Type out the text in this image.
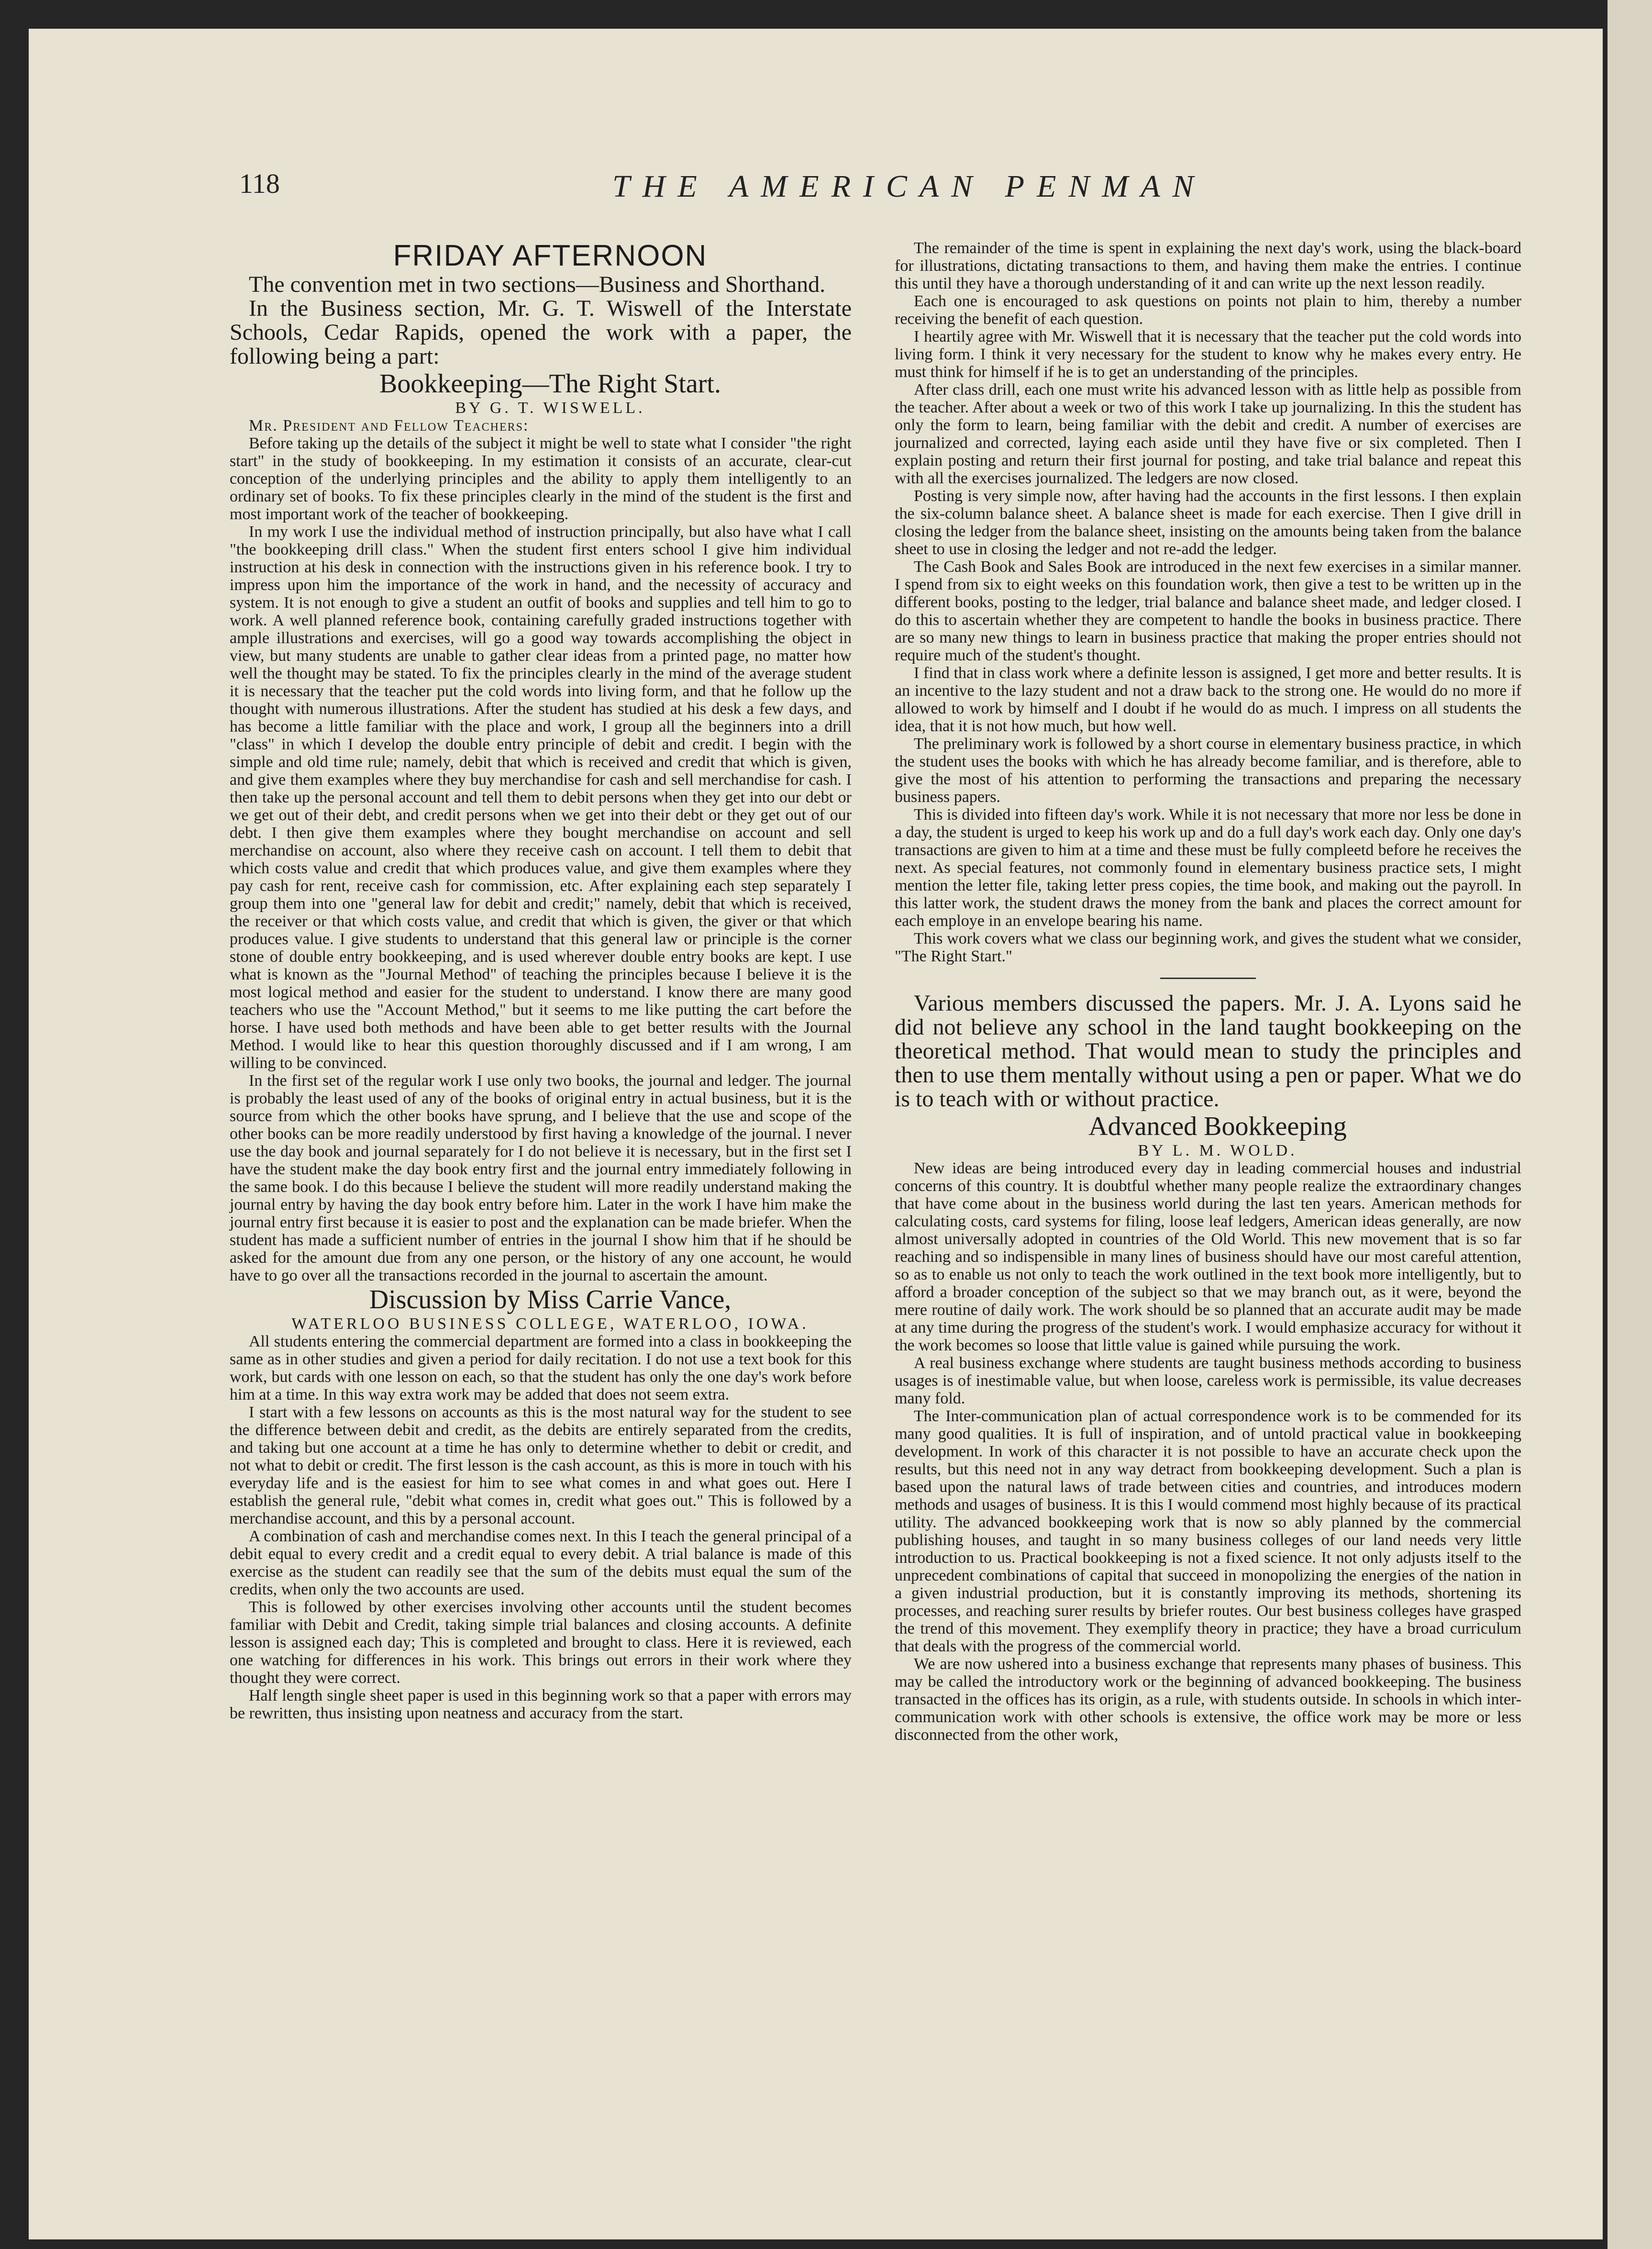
118	THE AMERICAN PENMAN

FRIDAY AFTERNOON

The convention met in two sections—Business and Shorthand.

In the Business section, Mr. G. T. Wiswell of the Interstate Schools, Cedar Rapids, opened the work with a paper, the following being a part:

Bookkeeping—The Right Start.

BY G. T. WISWELL.

Mr. President and Fellow Teachers:

Before taking up the details of the subject it might be well to state what I consider "the right start" in the study of bookkeeping. In my estimation it consists of an accurate, clear-cut conception of the underlying principles and the ability to apply them intelligently to an ordinary set of books. To fix these principles clearly in the mind of the student is the first and most important work of the teacher of bookkeeping.

In my work I use the individual method of instruction principally, but also have what I call "the bookkeeping drill class." When the student first enters school I give him individual instruction at his desk in connection with the instructions given in his reference book. I try to impress upon him the importance of the work in hand, and the necessity of accuracy and system. It is not enough to give a student an outfit of books and supplies and tell him to go to work. A well planned reference book, containing carefully graded instructions together with ample illustrations and exercises, will go a good way towards accomplishing the object in view, but many students are unable to gather clear ideas from a printed page, no matter how well the thought may be stated. To fix the principles clearly in the mind of the average student it is necessary that the teacher put the cold words into living form, and that he follow up the thought with numerous illustrations. After the student has studied at his desk a few days, and has become a little familiar with the place and work, I group all the beginners into a drill "class" in which I develop the double entry principle of debit and credit. I begin with the simple and old time rule; namely, debit that which is received and credit that which is given, and give them examples where they buy merchandise for cash and sell merchandise for cash. I then take up the personal account and tell them to debit persons when they get into our debt or we get out of their debt, and credit persons when we get into their debt or they get out of our debt. I then give them examples where they bought merchandise on account and sell merchandise on account, also where they receive cash on account. I tell them to debit that which costs value and credit that which produces value, and give them examples where they pay cash for rent, receive cash for commission, etc. After explaining each step separately I group them into one "general law for debit and credit;" namely, debit that which is received, the receiver or that which costs value, and credit that which is given, the giver or that which produces value. I give students to understand that this general law or principle is the corner stone of double entry bookkeeping, and is used wherever double entry books are kept. I use what is known as the "Journal Method" of teaching the principles because I believe it is the most logical method and easier for the student to understand. I know there are many good teachers who use the "Account Method," but it seems to me like putting the cart before the horse. I have used both methods and have been able to get better results with the Journal Method. I would like to hear this question thoroughly discussed and if I am wrong, I am willing to be convinced.

In the first set of the regular work I use only two books, the journal and ledger. The journal is probably the least used of any of the books of original entry in actual business, but it is the source from which the other books have sprung, and I believe that the use and scope of the other books can be more readily understood by first having a knowledge of the journal. I never use the day book and journal separately for I do not believe it is necessary, but in the first set I have the student make the day book entry first and the journal entry immediately following in the same book. I do this because I believe the student will more readily understand making the journal entry by having the day book entry before him. Later in the work I have him make the journal entry first because it is easier to post and the explanation can be made briefer. When the student has made a sufficient number of entries in the journal I show him that if he should be asked for the amount due from any one person, or the history of any one account, he would have to go over all the transactions recorded in the journal to ascertain the amount.

Discussion by Miss Carrie Vance,

WATERLOO BUSINESS COLLEGE, WATERLOO, IOWA.

All students entering the commercial department are formed into a class in bookkeeping the same as in other studies and given a period for daily recitation. I do not use a text book for this work, but cards with one lesson on each, so that the student has only the one day's work before him at a time. In this way extra work may be added that does not seem extra.

I start with a few lessons on accounts as this is the most natural way for the student to see the difference between debit and credit, as the debits are entirely separated from the credits, and taking but one account at a time he has only to determine whether to debit or credit, and not what to debit or credit. The first lesson is the cash account, as this is more in touch with his everyday life and is the easiest for him to see what comes in and what goes out. Here I establish the general rule, "debit what comes in, credit what goes out." This is followed by a merchandise account, and this by a personal account.

A combination of cash and merchandise comes next. In this I teach the general principal of a debit equal to every credit and a credit equal to every debit. A trial balance is made of this exercise as the student can readily see that the sum of the debits must equal the sum of the credits, when only the two accounts are used.

This is followed by other exercises involving other accounts until the student becomes familiar with Debit and Credit, taking simple trial balances and closing accounts. A definite lesson is assigned each day; This is completed and brought to class. Here it is reviewed, each one watching for differences in his work. This brings out errors in their work where they thought they were correct.

Half length single sheet paper is used in this beginning work so that a paper with errors may be rewritten, thus insisting upon neatness and accuracy from the start.

The remainder of the time is spent in explaining the next day's work, using the black-board for illustrations, dictating transactions to them, and having them make the entries. I continue this until they have a thorough understanding of it and can write up the next lesson readily.

Each one is encouraged to ask questions on points not plain to him, thereby a number receiving the benefit of each question.

I heartily agree with Mr. Wiswell that it is necessary that the teacher put the cold words into living form. I think it very necessary for the student to know why he makes every entry. He must think for himself if he is to get an understanding of the principles.

After class drill, each one must write his advanced lesson with as little help as possible from the teacher. After about a week or two of this work I take up journalizing. In this the student has only the form to learn, being familiar with the debit and credit. A number of exercises are journalized and corrected, laying each aside until they have five or six completed. Then I explain posting and return their first journal for posting, and take trial balance and repeat this with all the exercises journalized. The ledgers are now closed.

Posting is very simple now, after having had the accounts in the first lessons. I then explain the six-column balance sheet. A balance sheet is made for each exercise. Then I give drill in closing the ledger from the balance sheet, insisting on the amounts being taken from the balance sheet to use in closing the ledger and not re-add the ledger.

The Cash Book and Sales Book are introduced in the next few exercises in a similar manner. I spend from six to eight weeks on this foundation work, then give a test to be written up in the different books, posting to the ledger, trial balance and balance sheet made, and ledger closed. I do this to ascertain whether they are competent to handle the books in business practice. There are so many new things to learn in business practice that making the proper entries should not require much of the student's thought.

I find that in class work where a definite lesson is assigned, I get more and better results. It is an incentive to the lazy student and not a draw back to the strong one. He would do no more if allowed to work by himself and I doubt if he would do as much. I impress on all students the idea, that it is not how much, but how well.

The preliminary work is followed by a short course in elementary business practice, in which the student uses the books with which he has already become familiar, and is therefore, able to give the most of his attention to performing the transactions and preparing the necessary business papers.

This is divided into fifteen day's work. While it is not necessary that more nor less be done in a day, the student is urged to keep his work up and do a full day's work each day. Only one day's transactions are given to him at a time and these must be fully compleetd before he receives the next. As special features, not commonly found in elementary business practice sets, I might mention the letter file, taking letter press copies, the time book, and making out the payroll. In this latter work, the student draws the money from the bank and places the correct amount for each employe in an envelope bearing his name.

This work covers what we class our beginning work, and gives the student what we consider, "The Right Start."

Various members discussed the papers. Mr. J. A. Lyons said he did not believe any school in the land taught bookkeeping on the theoretical method. That would mean to study the principles and then to use them mentally without using a pen or paper. What we do is to teach with or without practice.

Advanced Bookkeeping

BY L. M. WOLD.

New ideas are being introduced every day in leading commercial houses and industrial concerns of this country. It is doubtful whether many people realize the extraordinary changes that have come about in the business world during the last ten years. American methods for calculating costs, card systems for filing, loose leaf ledgers, American ideas generally, are now almost universally adopted in countries of the Old World. This new movement that is so far reaching and so indispensible in many lines of business should have our most careful attention, so as to enable us not only to teach the work outlined in the text book more intelligently, but to afford a broader conception of the subject so that we may branch out, as it were, beyond the mere routine of daily work. The work should be so planned that an accurate audit may be made at any time during the progress of the student's work. I would emphasize accuracy for without it the work becomes so loose that little value is gained while pursuing the work.

A real business exchange where students are taught business methods according to business usages is of inestimable value, but when loose, careless work is permissible, its value decreases many fold.

The Inter-communication plan of actual correspondence work is to be commended for its many good qualities. It is full of inspiration, and of untold practical value in bookkeeping development. In work of this character it is not possible to have an accurate check upon the results, but this need not in any way detract from bookkeeping development. Such a plan is based upon the natural laws of trade between cities and countries, and introduces modern methods and usages of business. It is this I would commend most highly because of its practical utility. The advanced bookkeeping work that is now so ably planned by the commercial publishing houses, and taught in so many business colleges of our land needs very little introduction to us. Practical bookkeeping is not a fixed science. It not only adjusts itself to the unprecedent combinations of capital that succeed in monopolizing the energies of the nation in a given industrial production, but it is constantly improving its methods, shortening its processes, and reaching surer results by briefer routes. Our best business colleges have grasped the trend of this movement. They exemplify theory in practice; they have a broad curriculum that deals with the progress of the commercial world.

We are now ushered into a business exchange that represents many phases of business. This may be called the introductory work or the beginning of advanced bookkeeping. The business transacted in the offices has its origin, as a rule, with students outside. In schools in which inter-communication work with other schools is extensive, the office work may be more or less disconnected from the other work,
